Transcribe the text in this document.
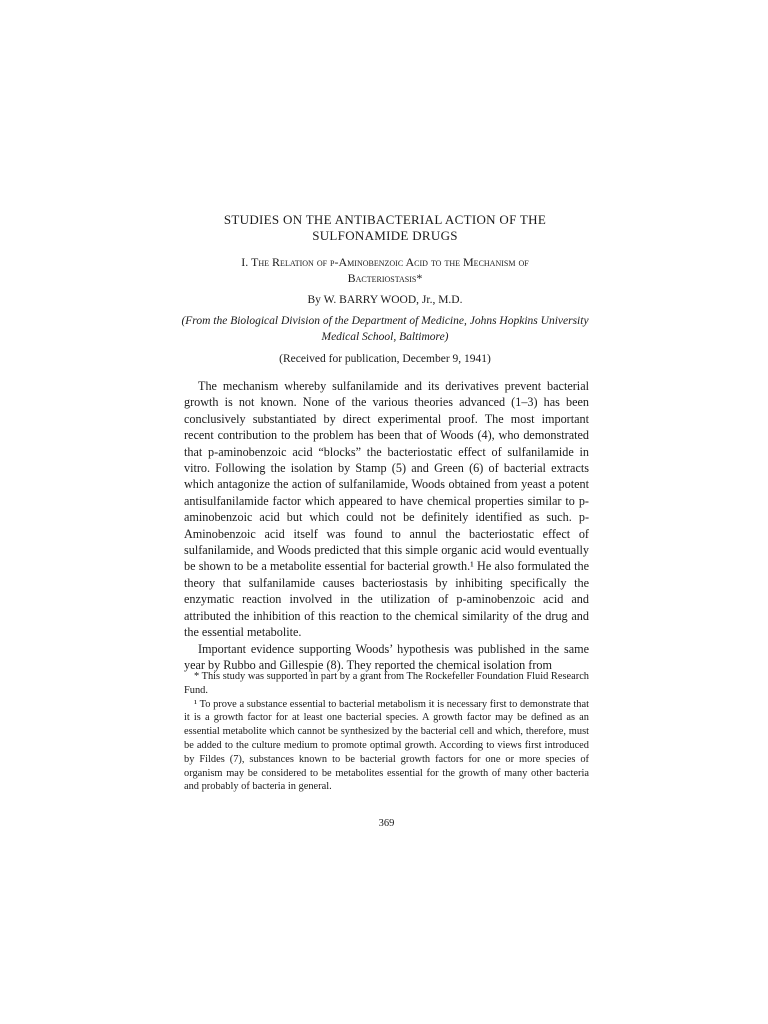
STUDIES ON THE ANTIBACTERIAL ACTION OF THE
SULFONAMIDE DRUGS
I. The Relation of p-Aminobenzoic Acid to the Mechanism of
Bacteriostasis*
By W. BARRY WOOD, Jr., M.D.
(From the Biological Division of the Department of Medicine, Johns Hopkins University
Medical School, Baltimore)
(Received for publication, December 9, 1941)

The mechanism whereby sulfanilamide and its derivatives prevent bacterial growth is not known. None of the various theories advanced (1–3) has been conclusively substantiated by direct experimental proof. The most important recent contribution to the problem has been that of Woods (4), who demonstrated that p-aminobenzoic acid “blocks” the bacteriostatic effect of sulfanilamide in vitro. Following the isolation by Stamp (5) and Green (6) of bacterial extracts which antagonize the action of sulfanilamide, Woods obtained from yeast a potent antisulfanilamide factor which appeared to have chemical properties similar to p-aminobenzoic acid but which could not be definitely identified as such. p-Aminobenzoic acid itself was found to annul the bacteriostatic effect of sulfanilamide, and Woods predicted that this simple organic acid would eventually be shown to be a metabolite essential for bacterial growth.¹ He also formulated the theory that sulfanilamide causes bacteriostasis by inhibiting specifically the enzymatic reaction involved in the utilization of p-aminobenzoic acid and attributed the inhibition of this reaction to the chemical similarity of the drug and the essential metabolite.

Important evidence supporting Woods’ hypothesis was published in the same year by Rubbo and Gillespie (8). They reported the chemical isolation from

* This study was supported in part by a grant from The Rockefeller Foundation Fluid Research Fund.

¹ To prove a substance essential to bacterial metabolism it is necessary first to demonstrate that it is a growth factor for at least one bacterial species. A growth factor may be defined as an essential metabolite which cannot be synthesized by the bacterial cell and which, therefore, must be added to the culture medium to promote optimal growth. According to views first introduced by Fildes (7), substances known to be bacterial growth factors for one or more species of organism may be considered to be metabolites essential for the growth of many other bacteria and probably of bacteria in general.

369
